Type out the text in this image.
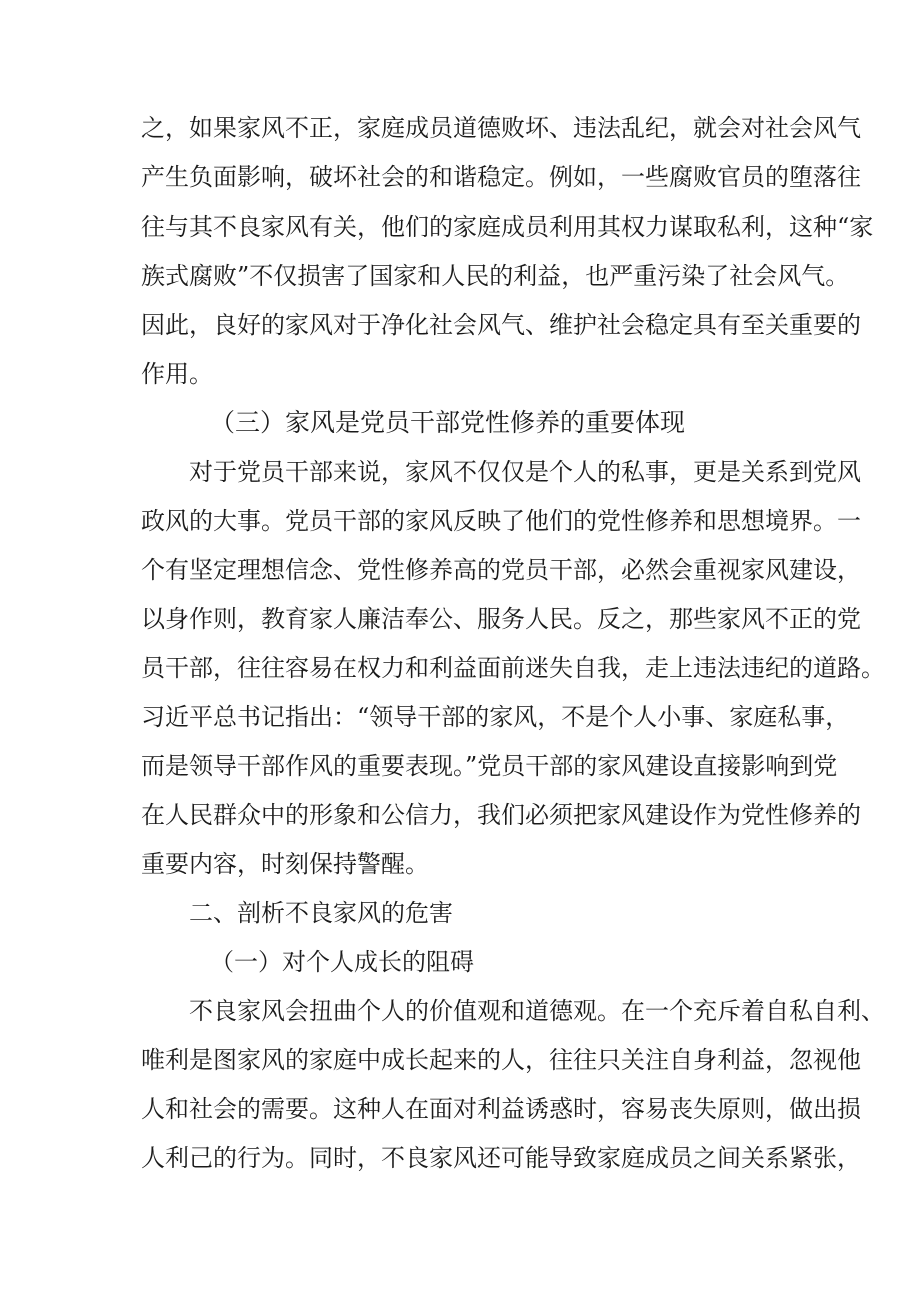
之，如果家风不正，家庭成员道德败坏、违法乱纪，就会对社会风气
产生负面影响，破坏社会的和谐稳定。例如，一些腐败官员的堕落往
往与其不良家风有关，他们的家庭成员利用其权力谋取私利，这种“家
族式腐败”不仅损害了国家和人民的利益，也严重污染了社会风气。
因此，良好的家风对于净化社会风气、维护社会稳定具有至关重要的
作用。
（三）家风是党员干部党性修养的重要体现
对于党员干部来说，家风不仅仅是个人的私事，更是关系到党风
政风的大事。党员干部的家风反映了他们的党性修养和思想境界。一
个有坚定理想信念、党性修养高的党员干部，必然会重视家风建设，
以身作则，教育家人廉洁奉公、服务人民。反之，那些家风不正的党
员干部，往往容易在权力和利益面前迷失自我，走上违法违纪的道路。
习近平总书记指出：“领导干部的家风，不是个人小事、家庭私事，
而是领导干部作风的重要表现。”党员干部的家风建设直接影响到党
在人民群众中的形象和公信力，我们必须把家风建设作为党性修养的
重要内容，时刻保持警醒。
二、剖析不良家风的危害
（一）对个人成长的阻碍
不良家风会扭曲个人的价值观和道德观。在一个充斥着自私自利、
唯利是图家风的家庭中成长起来的人，往往只关注自身利益，忽视他
人和社会的需要。这种人在面对利益诱惑时，容易丧失原则，做出损
人利己的行为。同时，不良家风还可能导致家庭成员之间关系紧张，
